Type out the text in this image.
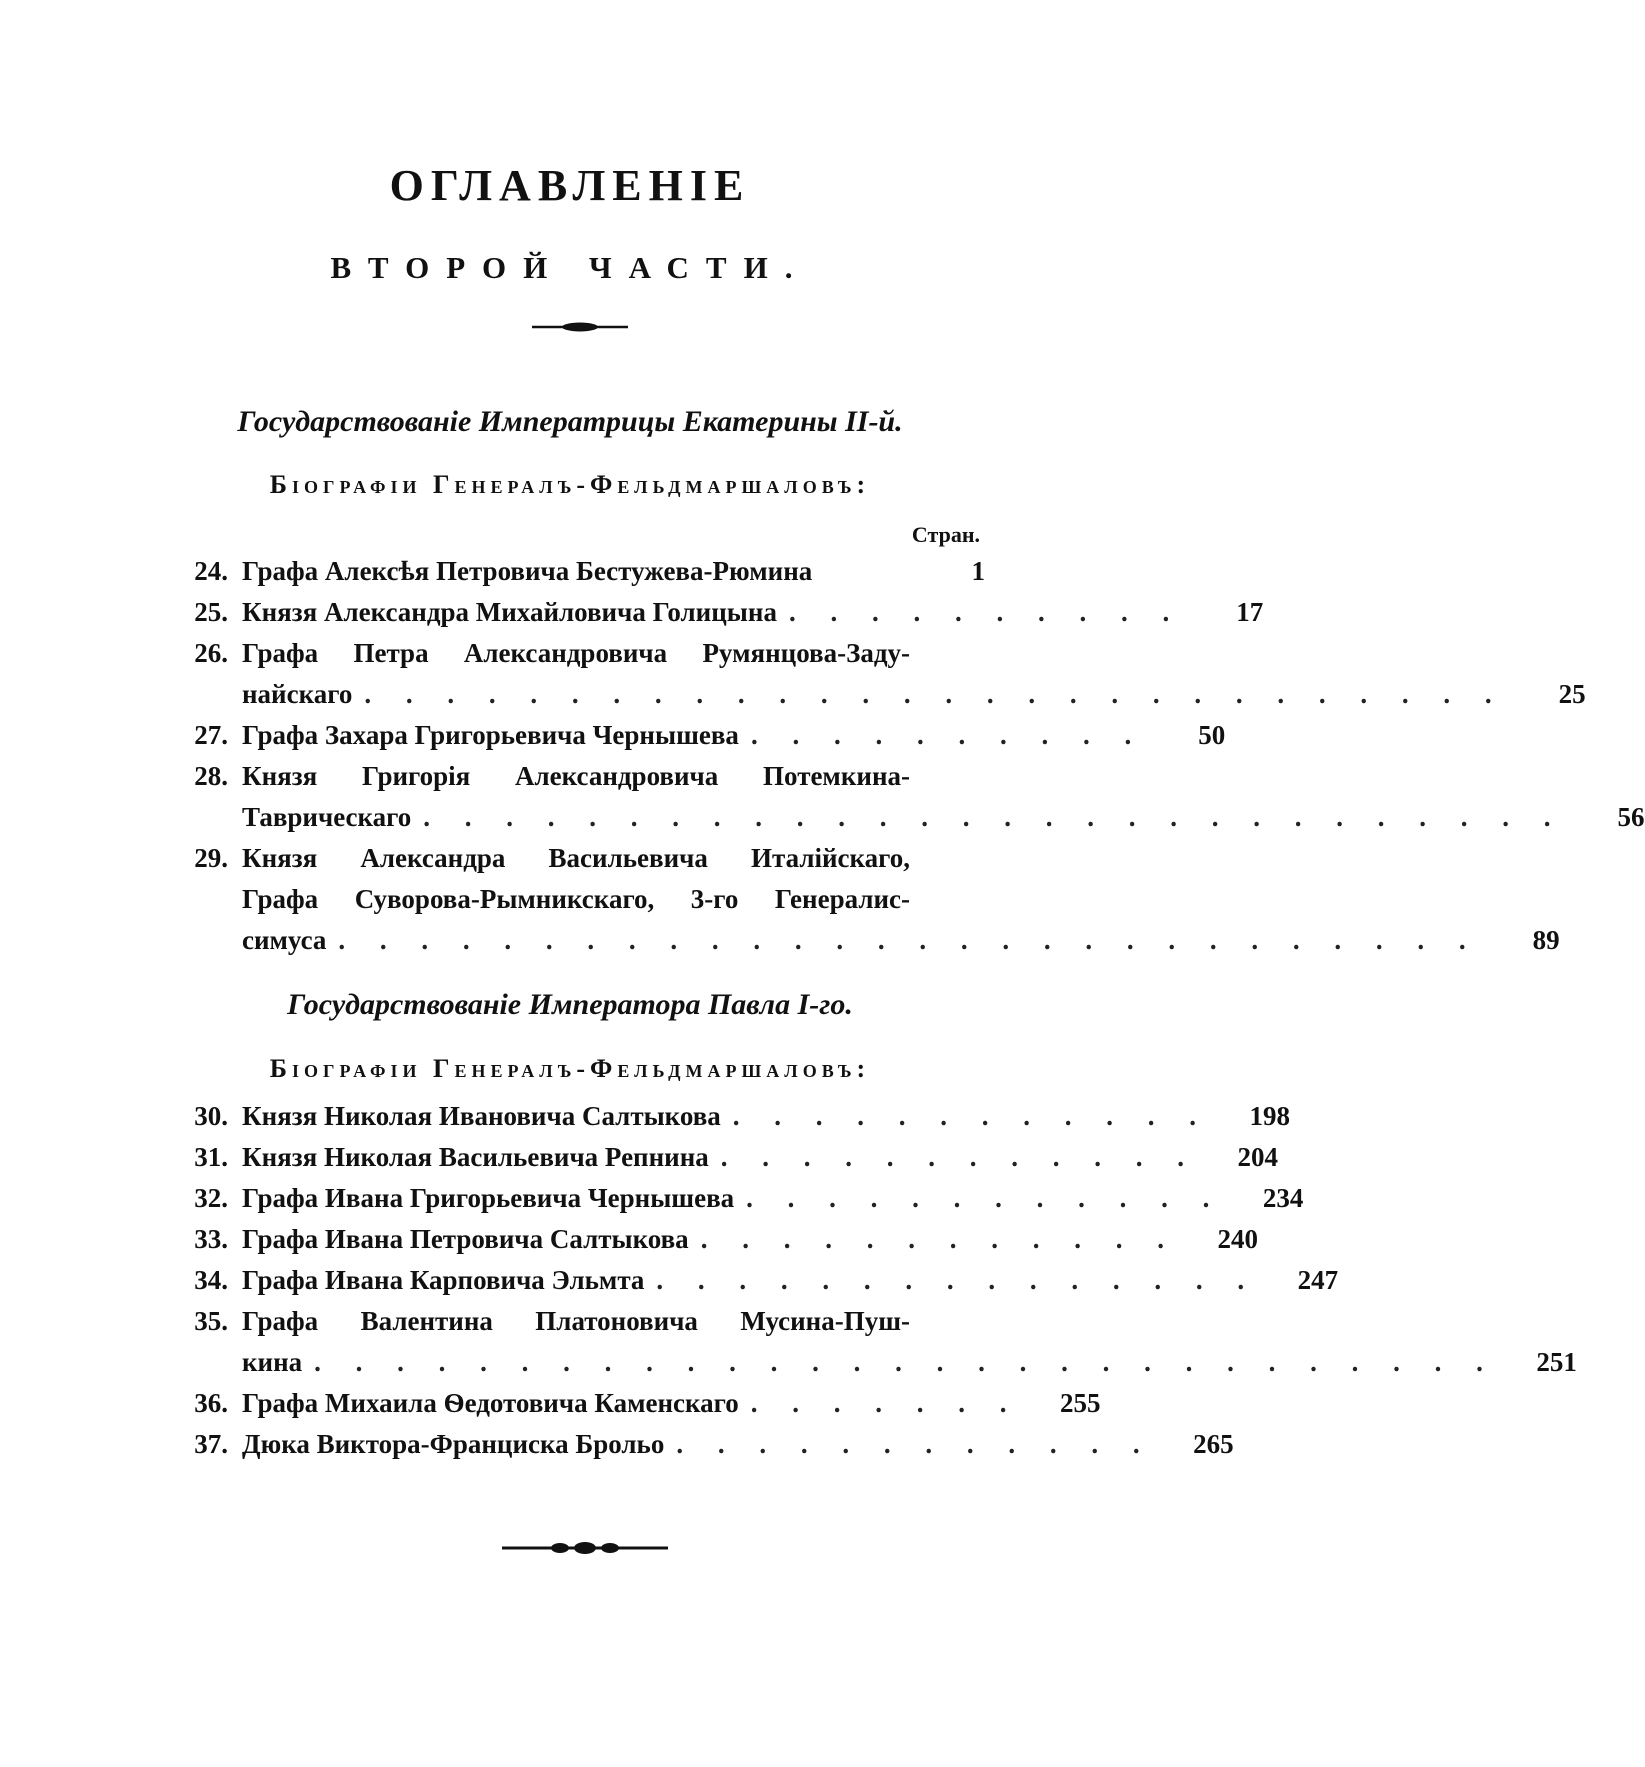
ОГЛАВЛЕНIЕ
ВТОРОЙ ЧАСТИ.
Государствованіе Императрицы Екатерины II-й.
Біографіи Генералъ-Фельдмаршаловъ:
Стран.
24. Графа Алексѣя Петровича Бестужева-Рюмина	1
25. Князя Александра Михайловича Голицына . . . . . . . . . .	17
26. Графа Петра Александровича Румянцова-Заду-
найскаго . . . . . . . . . . . . . . . . . . . . . . . . . . . .	25
27. Графа Захара Григорьевича Чернышева . . . . . . . . . .	50
28. Князя Григорія Александровича Потемкина-
Таврическаго . . . . . . . . . . . . . . . . . . . . . . . . . . . .	56
29. Князя Александра Васильевича Италійскаго,
Графа Суворова-Рымникскаго, 3-го Генералис-
симуса . . . . . . . . . . . . . . . . . . . . . . . . . . . .	89
Государствованіе Императора Павла I-го.
Біографіи Генералъ-Фельдмаршаловъ:
30. Князя Николая Ивановича Салтыкова . . . . . . . . . . . .	198
31. Князя Николая Васильевича Репнина . . . . . . . . . . . .	204
32. Графа Ивана Григорьевича Чернышева . . . . . . . . . . . .	234
33. Графа Ивана Петровича Салтыкова . . . . . . . . . . . .	240
34. Графа Ивана Карповича Эльмта . . . . . . . . . . . . . . .	247
35. Графа Валентина Платоновича Мусина-Пуш-
кина . . . . . . . . . . . . . . . . . . . . . . . . . . . . .	251
36. Графа Михаила Ѳедотовича Каменскаго . . . . . . .	255
37. Дюка Виктора-Франциска Брольо . . . . . . . . . . . .	265
